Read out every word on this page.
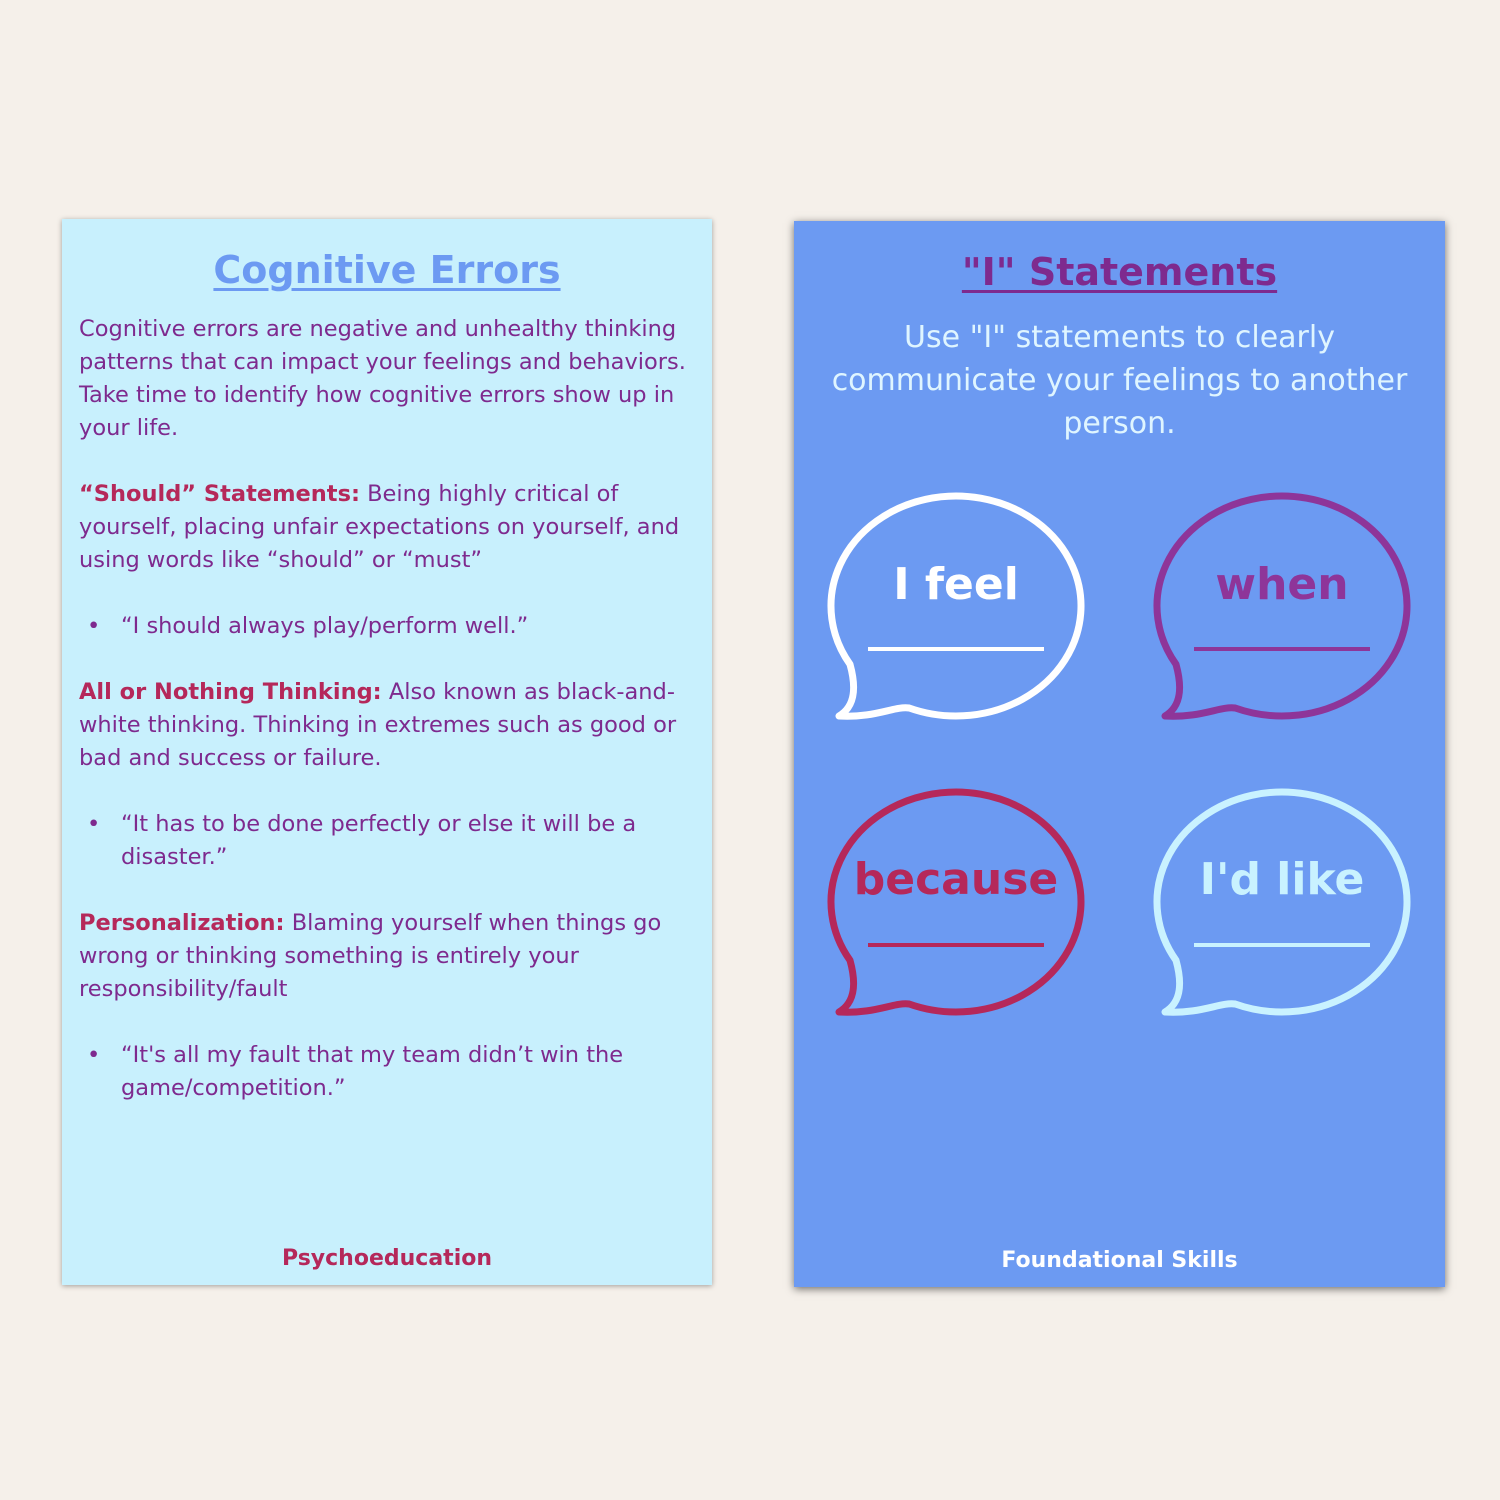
Cognitive Errors

Cognitive errors are negative and unhealthy thinking patterns that can impact your feelings and behaviors. Take time to identify how cognitive errors show up in your life.

“Should” Statements: Being highly critical of yourself, placing unfair expectations on yourself, and using words like “should” or “must”

• “I should always play/perform well.”

All or Nothing Thinking: Also known as black-and-white thinking. Thinking in extremes such as good or bad and success or failure.

• “It has to be done perfectly or else it will be a disaster.”

Personalization: Blaming yourself when things go wrong or thinking something is entirely your responsibility/fault

• “It's all my fault that my team didn’t win the game/competition.”

Psychoeducation
"I" Statements
Use "I" statements to clearly communicate your feelings to another person.
I feel	when
because	I'd like
Foundational Skills
